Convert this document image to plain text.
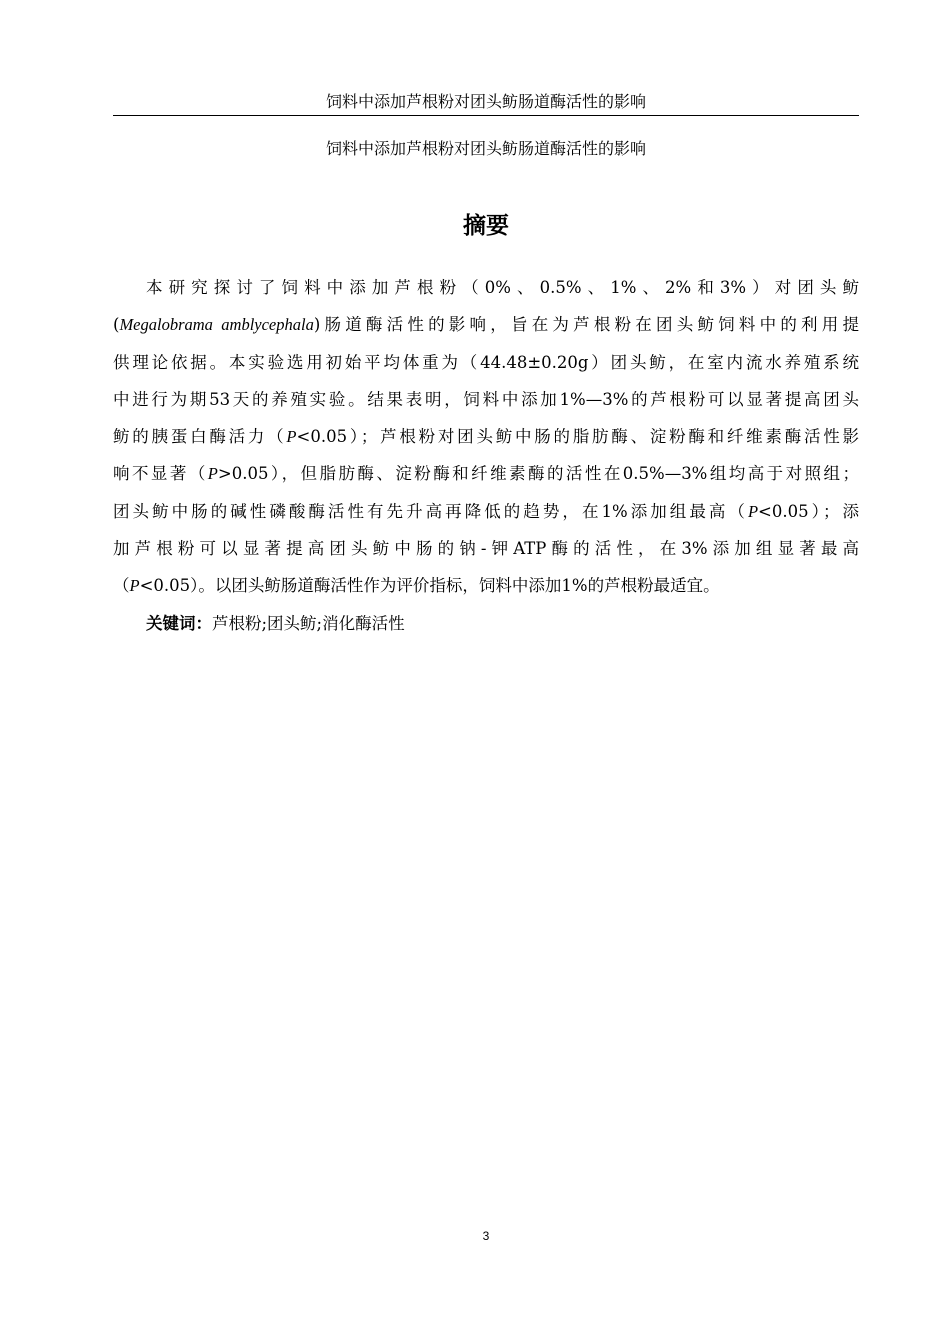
饲料中添加芦根粉对团头鲂肠道酶活性的影响
饲料中添加芦根粉对团头鲂肠道酶活性的影响
摘要
本研究探讨了饲料中添加芦根粉（0%、0.5%、1%、2%和3%）对团头鲂
(Megalobrama amblycephala)肠道酶活性的影响，旨在为芦根粉在团头鲂饲料中的利用提
供理论依据。本实验选用初始平均体重为（44.48±0.20g）团头鲂，在室内流水养殖系统
中进行为期53天的养殖实验。结果表明，饲料中添加1%—3%的芦根粉可以显著提高团头
鲂的胰蛋白酶活力（P<0.05）；芦根粉对团头鲂中肠的脂肪酶、淀粉酶和纤维素酶活性影
响不显著（P>0.05），但脂肪酶、淀粉酶和纤维素酶的活性在0.5%—3%组均高于对照组；
团头鲂中肠的碱性磷酸酶活性有先升高再降低的趋势，在1%添加组最高（P<0.05）；添
加芦根粉可以显著提高团头鲂中肠的钠-钾ATP酶的活性，在3%添加组显著最高
（P<0.05）。以团头鲂肠道酶活性作为评价指标，饲料中添加1%的芦根粉最适宜。
关键词：芦根粉;团头鲂;消化酶活性
3
